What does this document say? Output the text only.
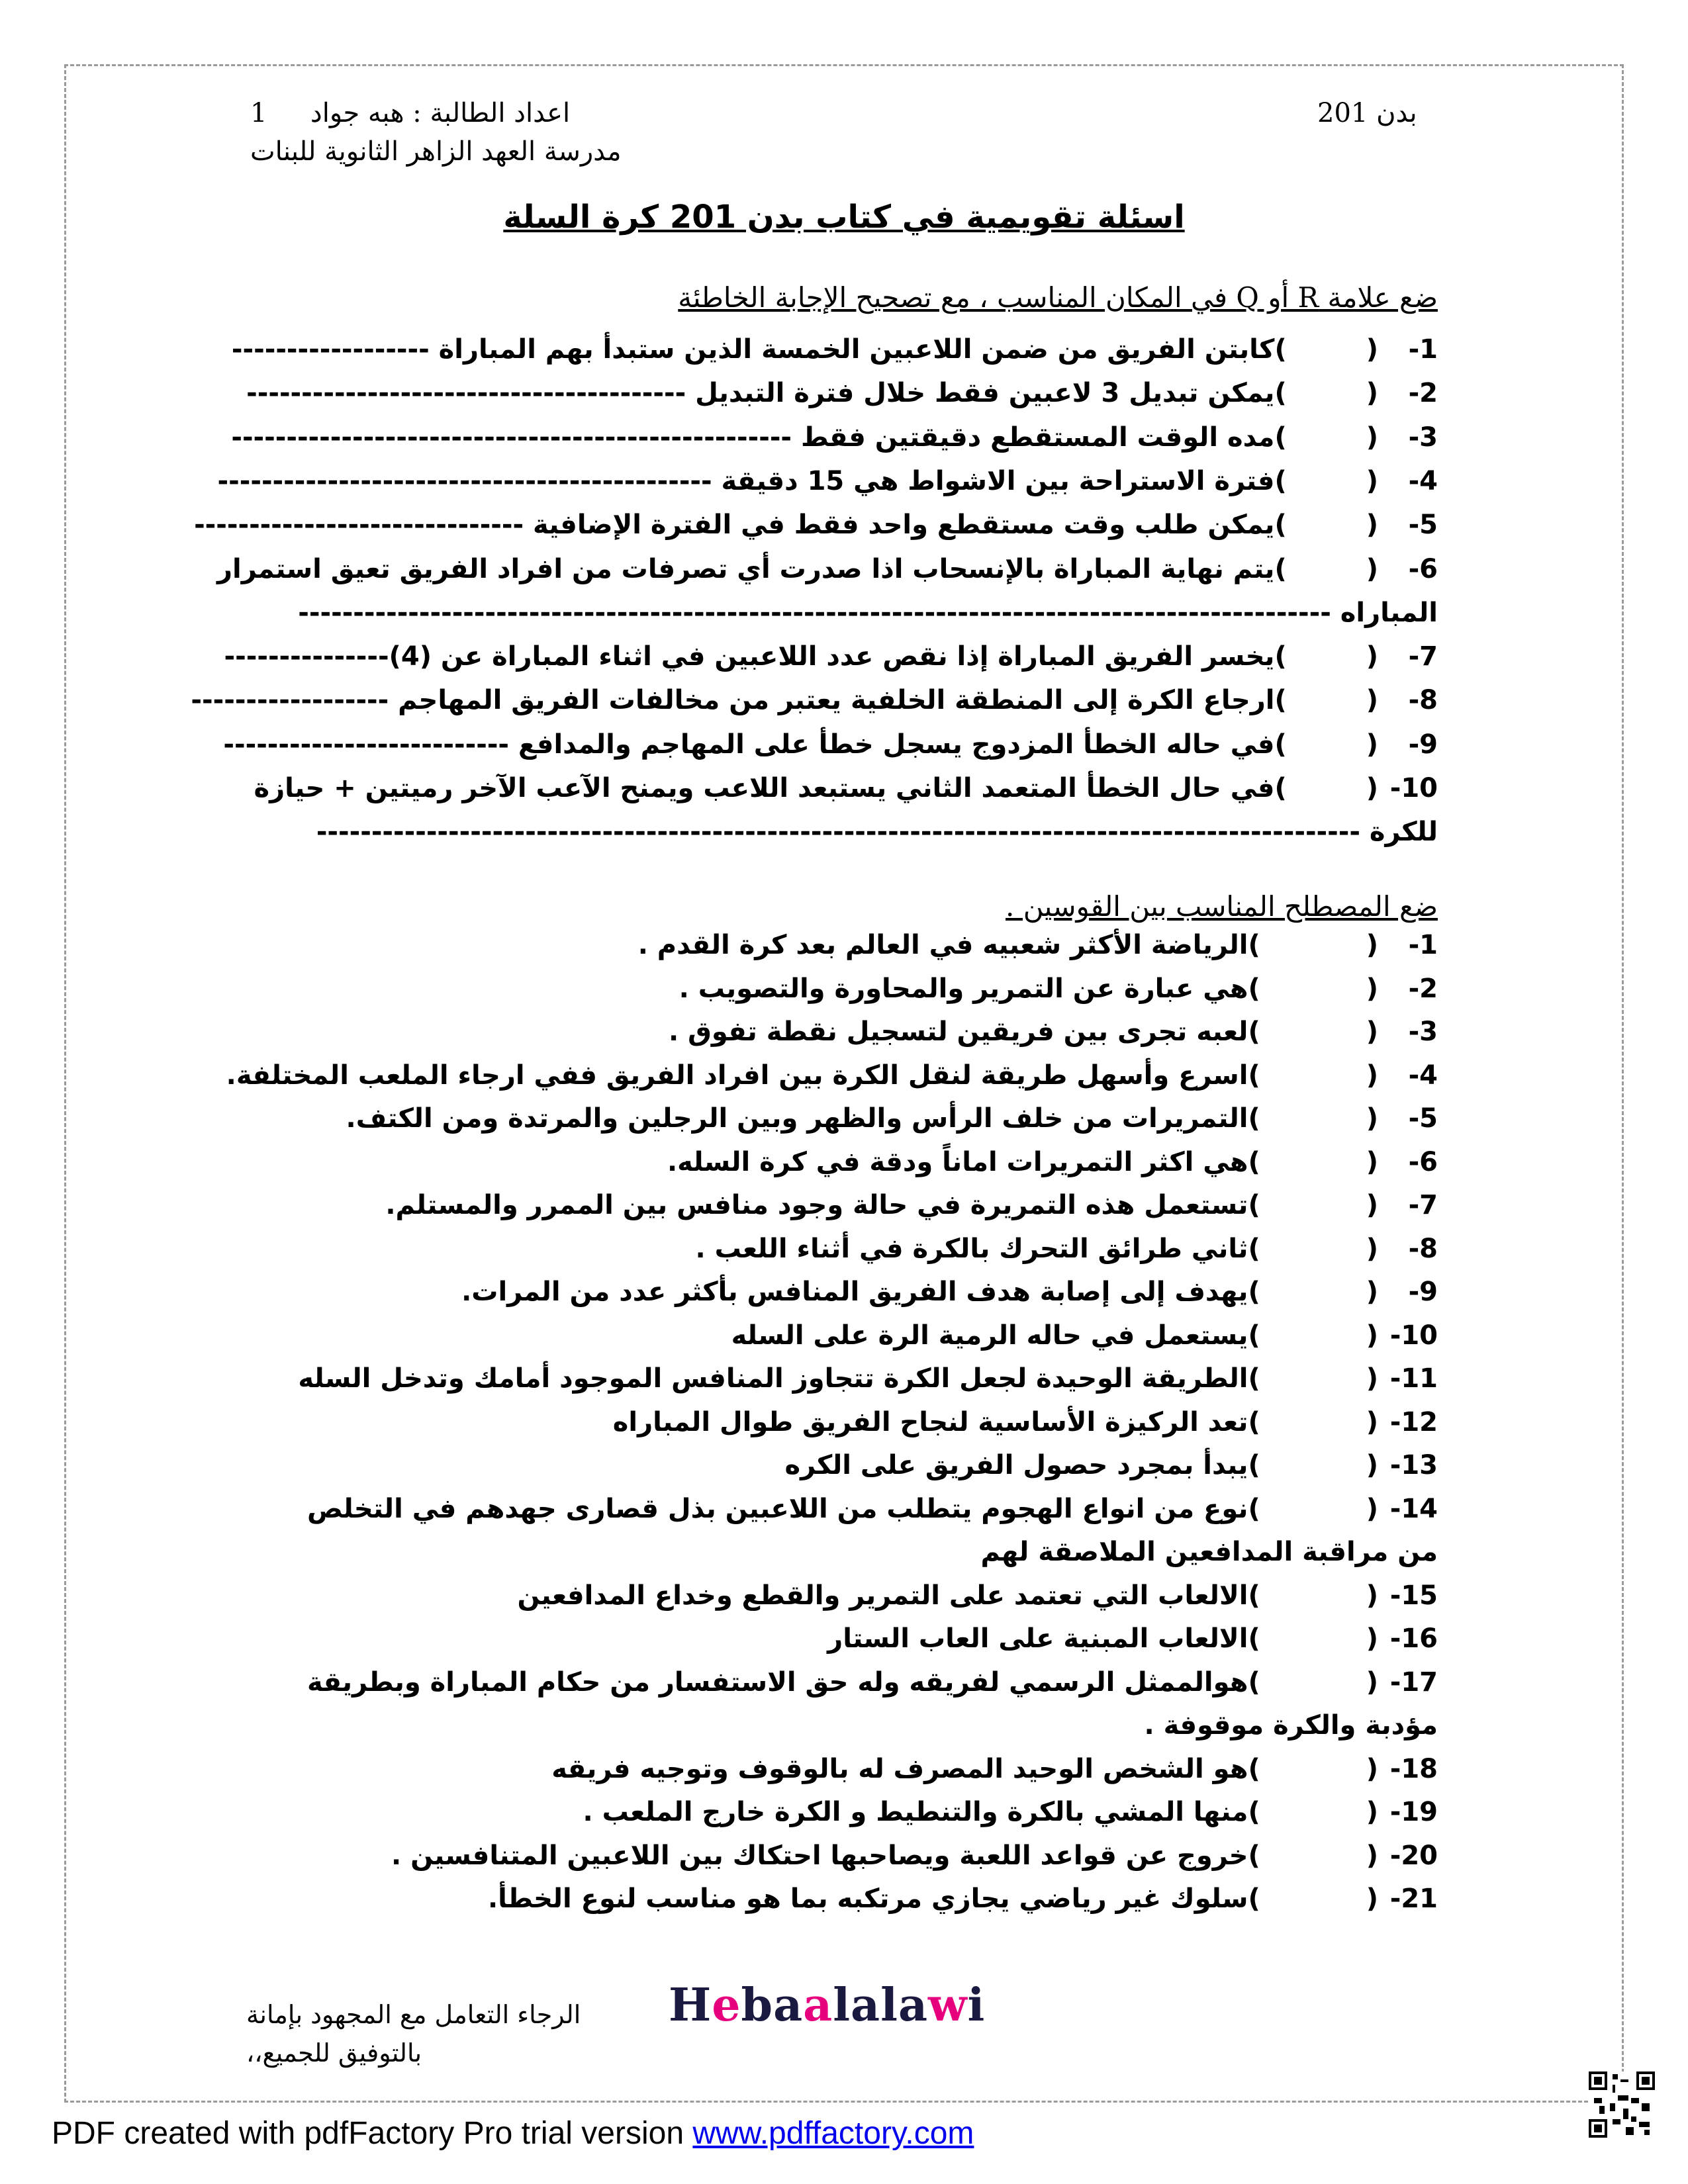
بدن 201
اعداد الطالبة : هبه جواد  1
مدرسة العهد الزاهر الثانوية للبنات
اسئلة تقويمية في كتاب بدن 201 كرة السلة
ضع علامة R أو Q في المكان المناسب ، مع تصحيح الإجابة الخاطئة
-1()كابتن الفريق من ضمن اللاعبين الخمسة الذين ستبدأ بهم المباراة ------------------
-2()يمكن تبديل 3 لاعبين فقط خلال فترة التبديل ----------------------------------------
-3()مده الوقت المستقطع دقيقتين فقط ---------------------------------------------------
-4()فترة الاستراحة بين الاشواط هي 15 دقيقة ---------------------------------------------
-5()يمكن طلب وقت مستقطع واحد فقط في الفترة الإضافية ------------------------------
-6()يتم نهاية المباراة بالإنسحاب اذا صدرت أي تصرفات من افراد الفريق تعيق استمرار
المباراه ----------------------------------------------------------------------------------------------
-7()يخسر الفريق المباراة إذا نقص عدد اللاعبين في اثناء المباراة عن (4)---------------
-8()ارجاع الكرة إلى المنطقة الخلفية يعتبر من مخالفات الفريق المهاجم ------------------
-9()في حاله الخطأ المزدوج يسجل خطأ على المهاجم والمدافع --------------------------
-10()في حال الخطأ المتعمد الثاني يستبعد اللاعب ويمنح الآعب الآخر رميتين + حيازة
للكرة -----------------------------------------------------------------------------------------------
ضع المصطلح المناسب بين القوسين .
-1()الرياضة الأكثر شعبيه في العالم بعد كرة القدم .
-2()هي عبارة عن التمرير والمحاورة والتصويب .
-3()لعبه تجرى بين فريقين لتسجيل نقطة تفوق .
-4()اسرع وأسهل طريقة لنقل الكرة بين افراد الفريق ففي ارجاء الملعب المختلفة.
-5()التمريرات من خلف الرأس والظهر وبين الرجلين والمرتدة ومن الكتف.
-6()هي اكثر التمريرات اماناً ودقة في كرة السله.
-7()تستعمل هذه التمريرة في حالة وجود منافس بين الممرر والمستلم.
-8()ثاني طرائق التحرك بالكرة في أثناء اللعب .
-9()يهدف إلى إصابة هدف الفريق المنافس بأكثر عدد من المرات.
-10()يستعمل في حاله الرمية الرة على السله
-11()الطريقة الوحيدة لجعل الكرة تتجاوز المنافس الموجود أمامك وتدخل السله
-12()تعد الركيزة الأساسية لنجاح الفريق طوال المباراه
-13()يبدأ بمجرد حصول الفريق على الكره
-14()نوع من انواع الهجوم يتطلب من اللاعبين بذل قصارى جهدهم في التخلص
من مراقبة المدافعين الملاصقة لهم
-15()الالعاب التي تعتمد على التمرير والقطع وخداع المدافعين
-16()الالعاب المبنية على العاب الستار
-17()هوالممثل الرسمي لفريقه وله حق الاستفسار من حكام المباراة وبطريقة
مؤدبة والكرة موقوفة .
-18()هو الشخص الوحيد المصرف له بالوقوف وتوجيه فريقه
-19()منها المشي بالكرة والتنطيط و الكرة خارج الملعب .
-20()خروج عن قواعد اللعبة ويصاحبها احتكاك بين اللاعبين المتنافسين .
-21()سلوك غير رياضي يجازي مرتكبه بما هو مناسب لنوع الخطأ.
الرجاء التعامل مع المجهود بإمانة
بالتوفيق للجميع،،
Hebaalalawi
PDF created with pdfFactory Pro trial version www.pdffactory.com
